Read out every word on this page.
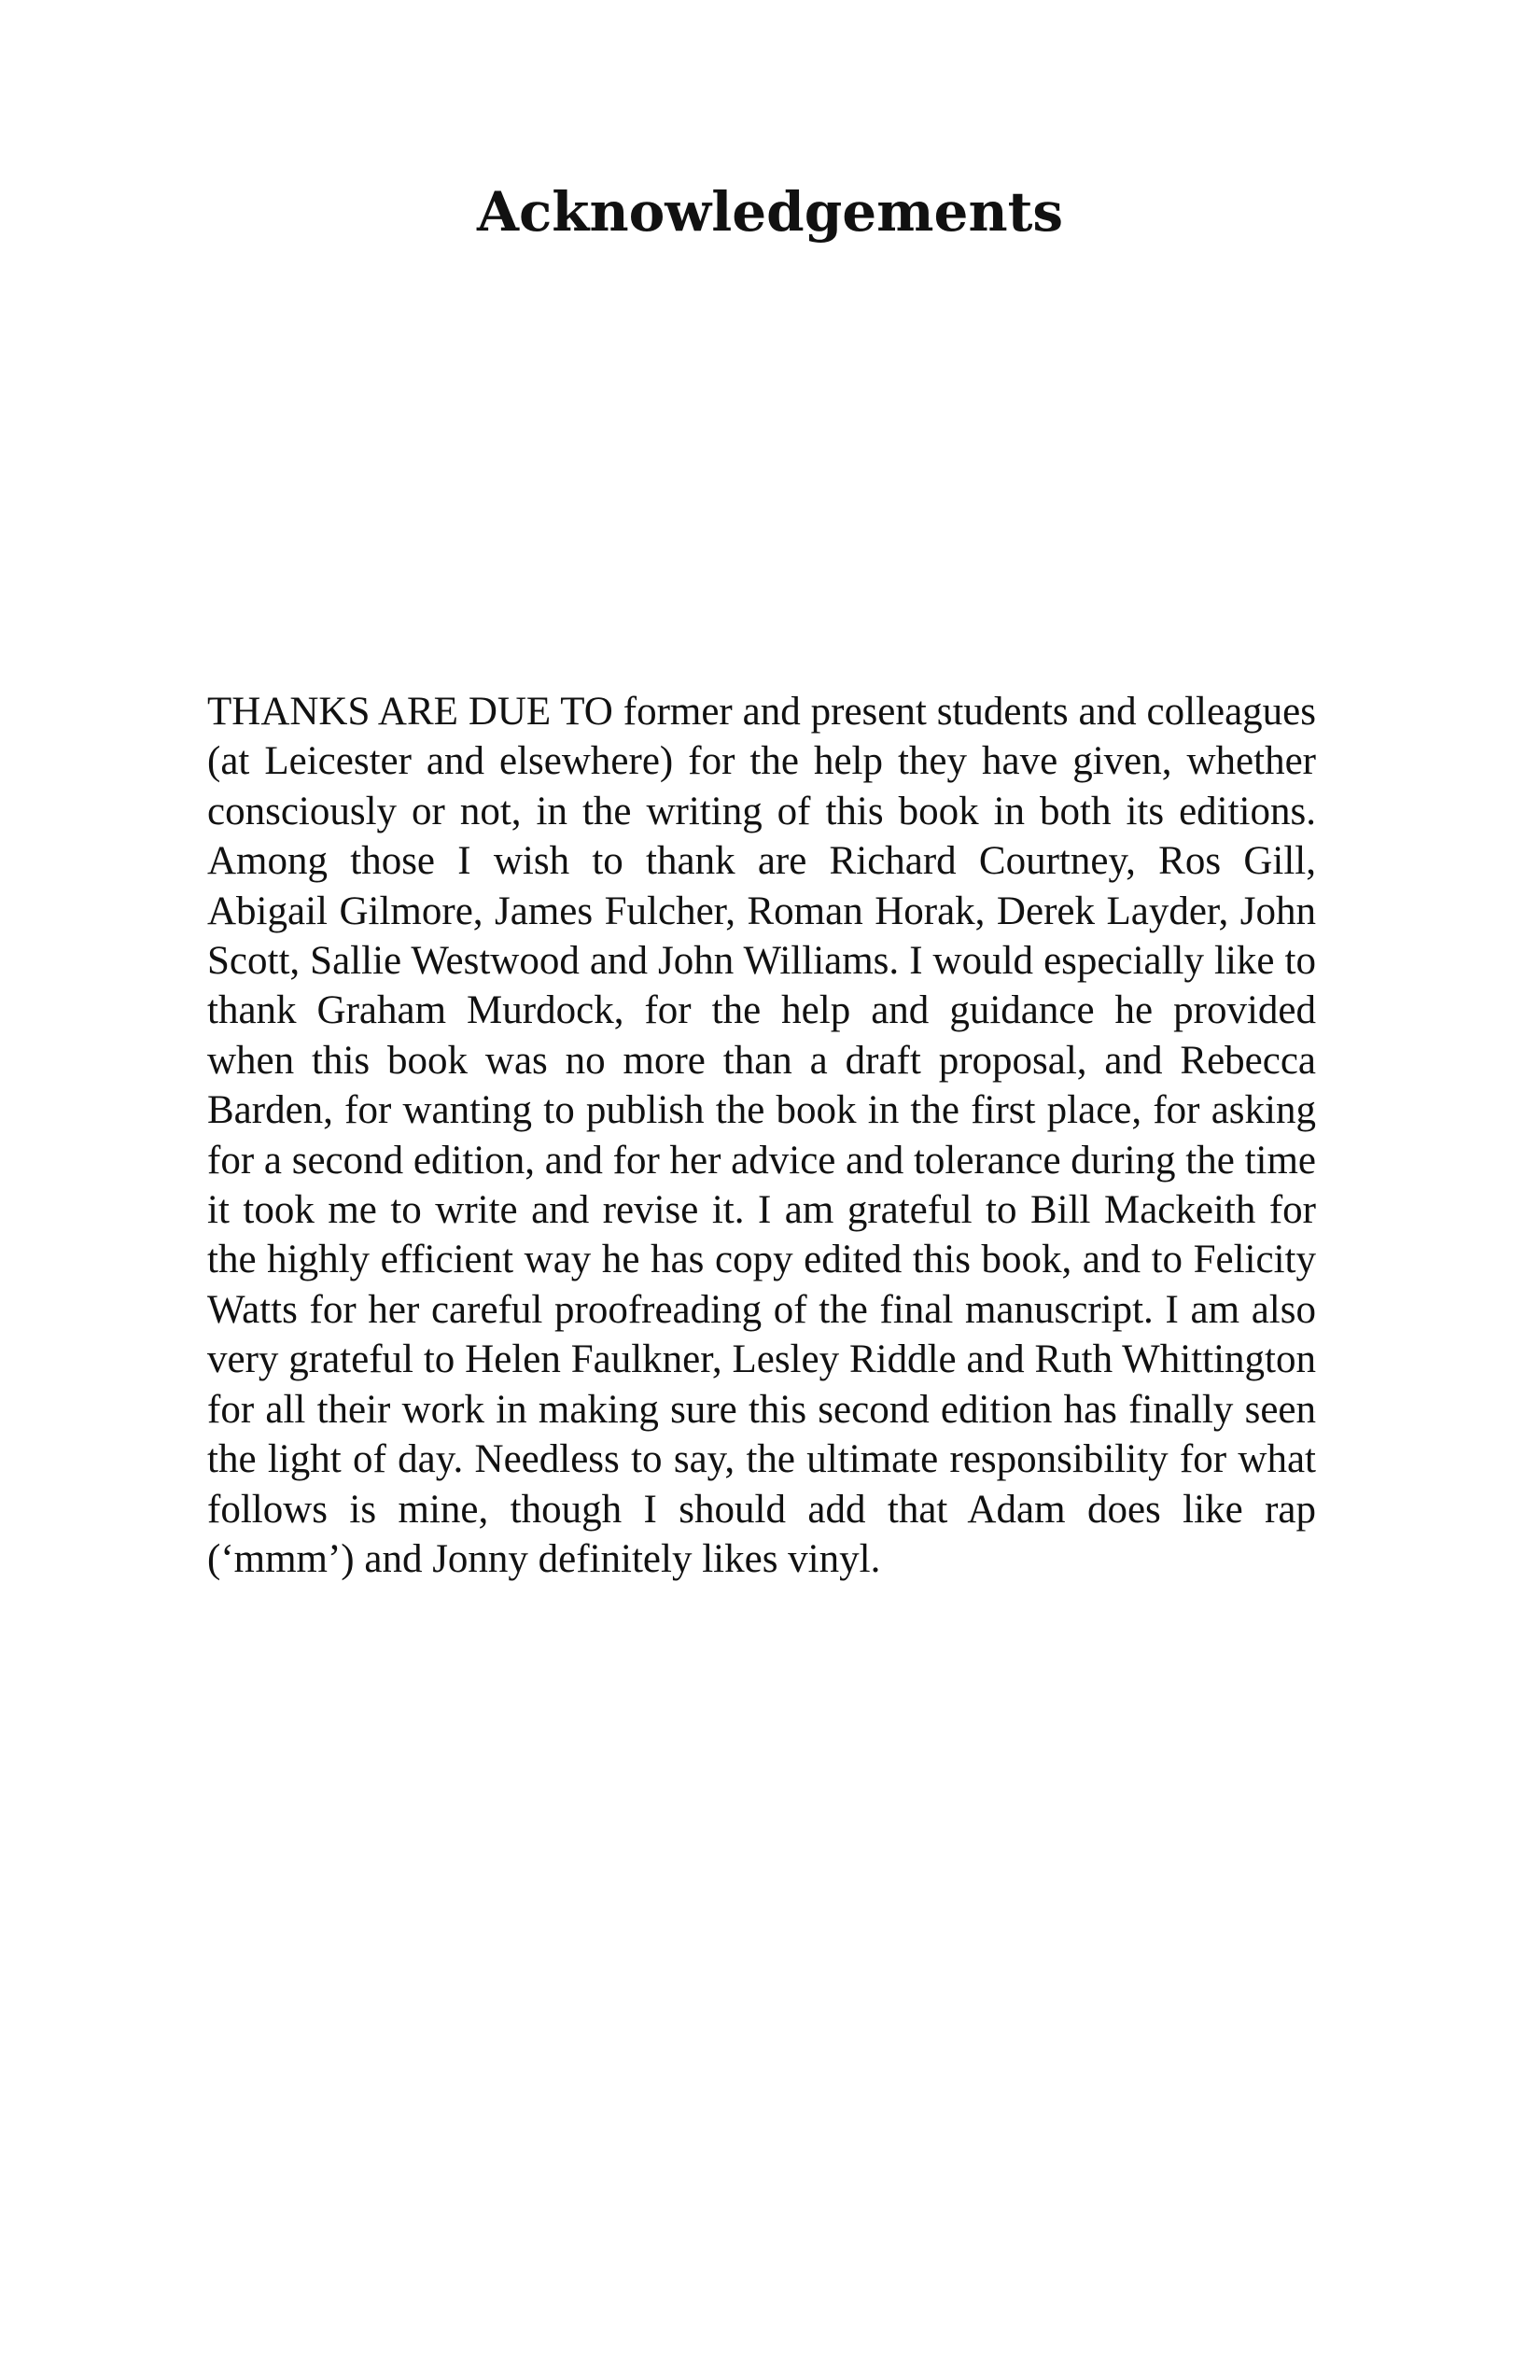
Acknowledgements

THANKS ARE DUE TO former and present students and colleagues (at Leicester and elsewhere) for the help they have given, whether consciously or not, in the writing of this book in both its editions. Among those I wish to thank are Richard Courtney, Ros Gill, Abigail Gilmore, James Fulcher, Roman Horak, Derek Layder, John Scott, Sallie Westwood and John Williams. I would especially like to thank Graham Murdock, for the help and guidance he provided when this book was no more than a draft proposal, and Rebecca Barden, for wanting to publish the book in the first place, for asking for a second edition, and for her advice and tolerance during the time it took me to write and revise it. I am grateful to Bill Mackeith for the highly efficient way he has copy edited this book, and to Felicity Watts for her careful proofreading of the final manuscript. I am also very grateful to Helen Faulkner, Lesley Riddle and Ruth Whittington for all their work in making sure this second edition has finally seen the light of day. Needless to say, the ultimate responsibility for what follows is mine, though I should add that Adam does like rap (‘mmm’) and Jonny definitely likes vinyl.
